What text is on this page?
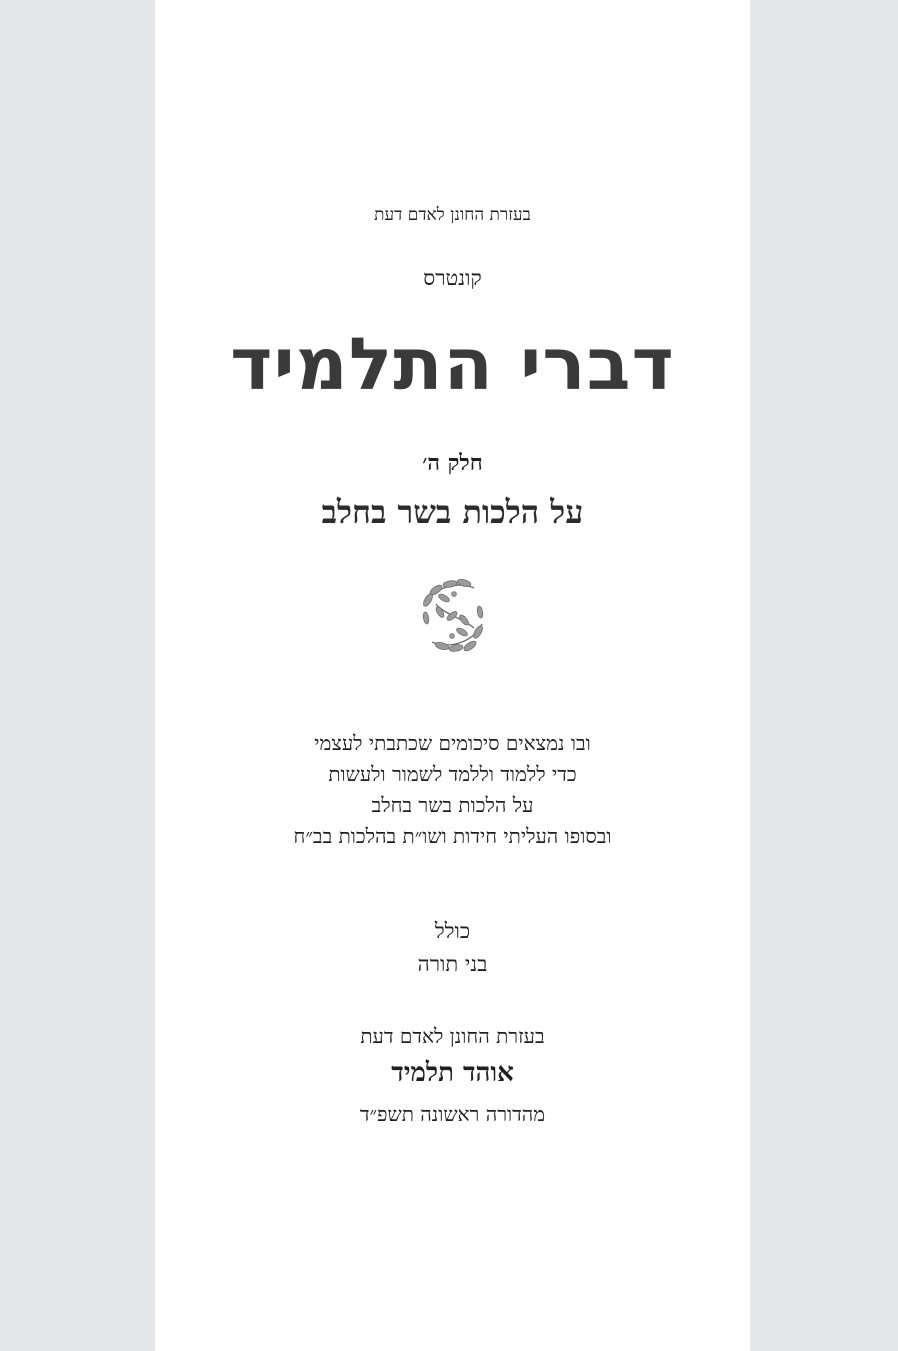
בעזרת החונן לאדם דעת
קונטרס
דברי התלמיד
חלק ה׳
על הלכות בשר בחלב
ובו נמצאים סיכומים שכתבתי לעצמי
כדי ללמוד וללמד לשמור ולעשות
על הלכות בשר בחלב
ובסופו העליתי חידות ושו״ת בהלכות בב״ח
כולל
בני תורה
בעזרת החונן לאדם דעת
אוהד תלמיד
מהדורה ראשונה תשפ״ד
